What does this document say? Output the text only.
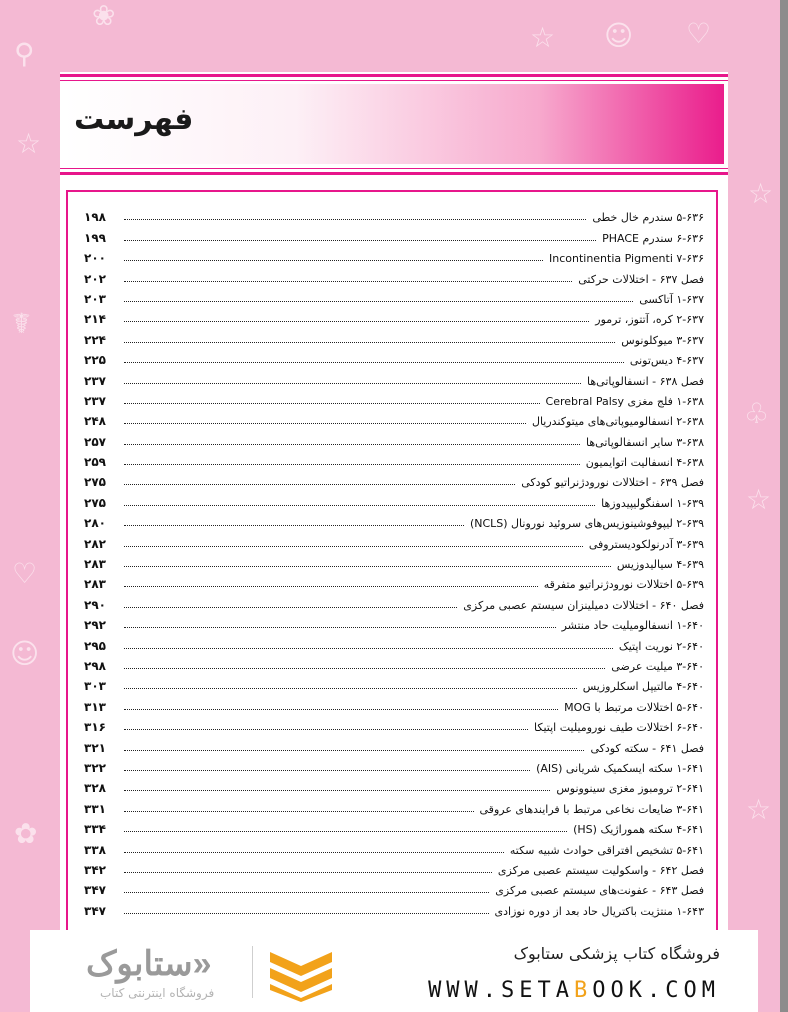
❀
⚲
☆
☺
☆	♡
☆
☆
☆
☤
☺
♡
✿
♧
فهرست
۵-۶۳۶ سندرم خال خطی
۱۹۸
۶-۶۳۶ سندرم PHACE
۱۹۹
۷-۶۳۶ Incontinentia Pigmenti
۲۰۰
فصل ۶۳۷ - اختلالات حرکتی
۲۰۲
۱-۶۳۷ آتاکسی
۲۰۳
۲-۶۳۷ کره، آتتوز، ترمور
۲۱۴
۳-۶۳۷ میوکلونوس
۲۲۴
۴-۶۳۷ دیس‌تونی
۲۲۵
فصل ۶۳۸ - انسفالوپاتی‌ها
۲۳۷
۱-۶۳۸ فلج مغزی Cerebral Palsy
۲۳۷
۲-۶۳۸ انسفالومیوپاتی‌های میتوکندریال
۲۴۸
۳-۶۳۸ سایر انسفالوپاتی‌ها
۲۵۷
۴-۶۳۸ انسفالیت اتوایمیون
۲۵۹
فصل ۶۳۹ - اختلالات نورودژنراتیو کودکی
۲۷۵
۱-۶۳۹ اسفنگولیپیدوزها
۲۷۵
۲-۶۳۹ لیپوفوشینوزیس‌های سروئید نورونال (NCLS)
۲۸۰
۳-۶۳۹ آدرنولکودیستروفی
۲۸۲
۴-۶۳۹ سیالیدوزیس
۲۸۳
۵-۶۳۹ اختلالات نورودژنراتیو متفرقه
۲۸۳
فصل ۶۴۰ - اختلالات دمیلینزان سیستم عصبی مرکزی
۲۹۰
۱-۶۴۰ انسفالومیلیت حاد منتشر
۲۹۲
۲-۶۴۰ نوریت اپتیک
۲۹۵
۳-۶۴۰ میلیت عرضی
۲۹۸
۴-۶۴۰ مالتیپل اسکلروزیس
۳۰۳
۵-۶۴۰ اختلالات مرتبط با MOG
۳۱۳
۶-۶۴۰ اختلالات طیف نورومیلیت اپتیکا
۳۱۶
فصل ۶۴۱ - سکته کودکی
۳۲۱
۱-۶۴۱ سکته ایسکمیک شریانی (AIS)
۳۲۲
۲-۶۴۱ ترومبوز مغزی سینوونوس
۳۲۸
۳-۶۴۱ ضایعات نخاعی مرتبط با فرایندهای عروقی
۳۳۱
۴-۶۴۱ سکته هموراژیک (HS)
۳۳۴
۵-۶۴۱ تشخیص افتراقی حوادث شبیه سکته
۳۳۸
فصل ۶۴۲ - واسکولیت سیستم عصبی مرکزی
۳۴۲
فصل ۶۴۳ - عفونت‌های سیستم عصبی مرکزی
۳۴۷
۱-۶۴۳ منتژیت باکتریال حاد بعد از دوره نوزادی
۳۴۷
ستابوک»
فروشگاه اینترنتی کتاب
فروشگاه کتاب پزشکی ستابوک
WWW.SETABOOK.COM
